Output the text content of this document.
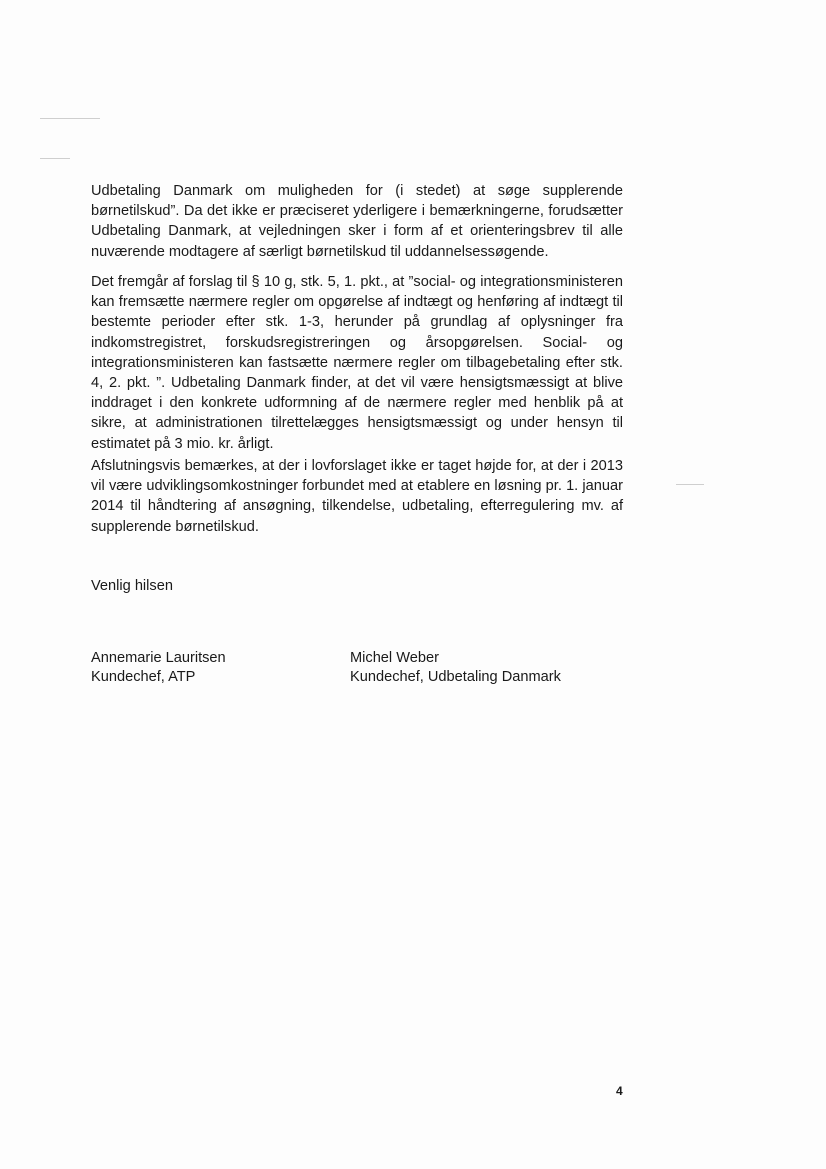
Udbetaling Danmark om muligheden for (i stedet) at søge supplerende børnetilskud”. Da det ikke er præciseret yderligere i bemærkningerne, forudsætter Udbetaling Danmark, at vejledningen sker i form af et orienteringsbrev til alle nuværende modtagere af særligt børnetilskud til uddannelsessøgende.

Det fremgår af forslag til § 10 g, stk. 5, 1. pkt., at ”social- og integrationsministeren kan fremsætte nærmere regler om opgørelse af indtægt og henføring af indtægt til bestemte perioder efter stk. 1-3, herunder på grundlag af oplysninger fra indkomstregistret, forskudsregistreringen og årsopgørelsen. Social- og integrationsministeren kan fastsætte nærmere regler om tilbagebetaling efter stk. 4, 2. pkt. ”. Udbetaling Danmark finder, at det vil være hensigtsmæssigt at blive inddraget i den konkrete udformning af de nærmere regler med henblik på at sikre, at administrationen tilrettelægges hensigtsmæssigt og under hensyn til estimatet på 3 mio. kr. årligt.

Afslutningsvis bemærkes, at der i lovforslaget ikke er taget højde for, at der i 2013 vil være udviklingsomkostninger forbundet med at etablere en løsning pr. 1. januar 2014 til håndtering af ansøgning, tilkendelse, udbetaling, efterregulering mv. af supplerende børnetilskud.

Venlig hilsen

Annemarie Lauritsen
Kundechef, ATP
Michel Weber
Kundechef, Udbetaling Danmark
4
